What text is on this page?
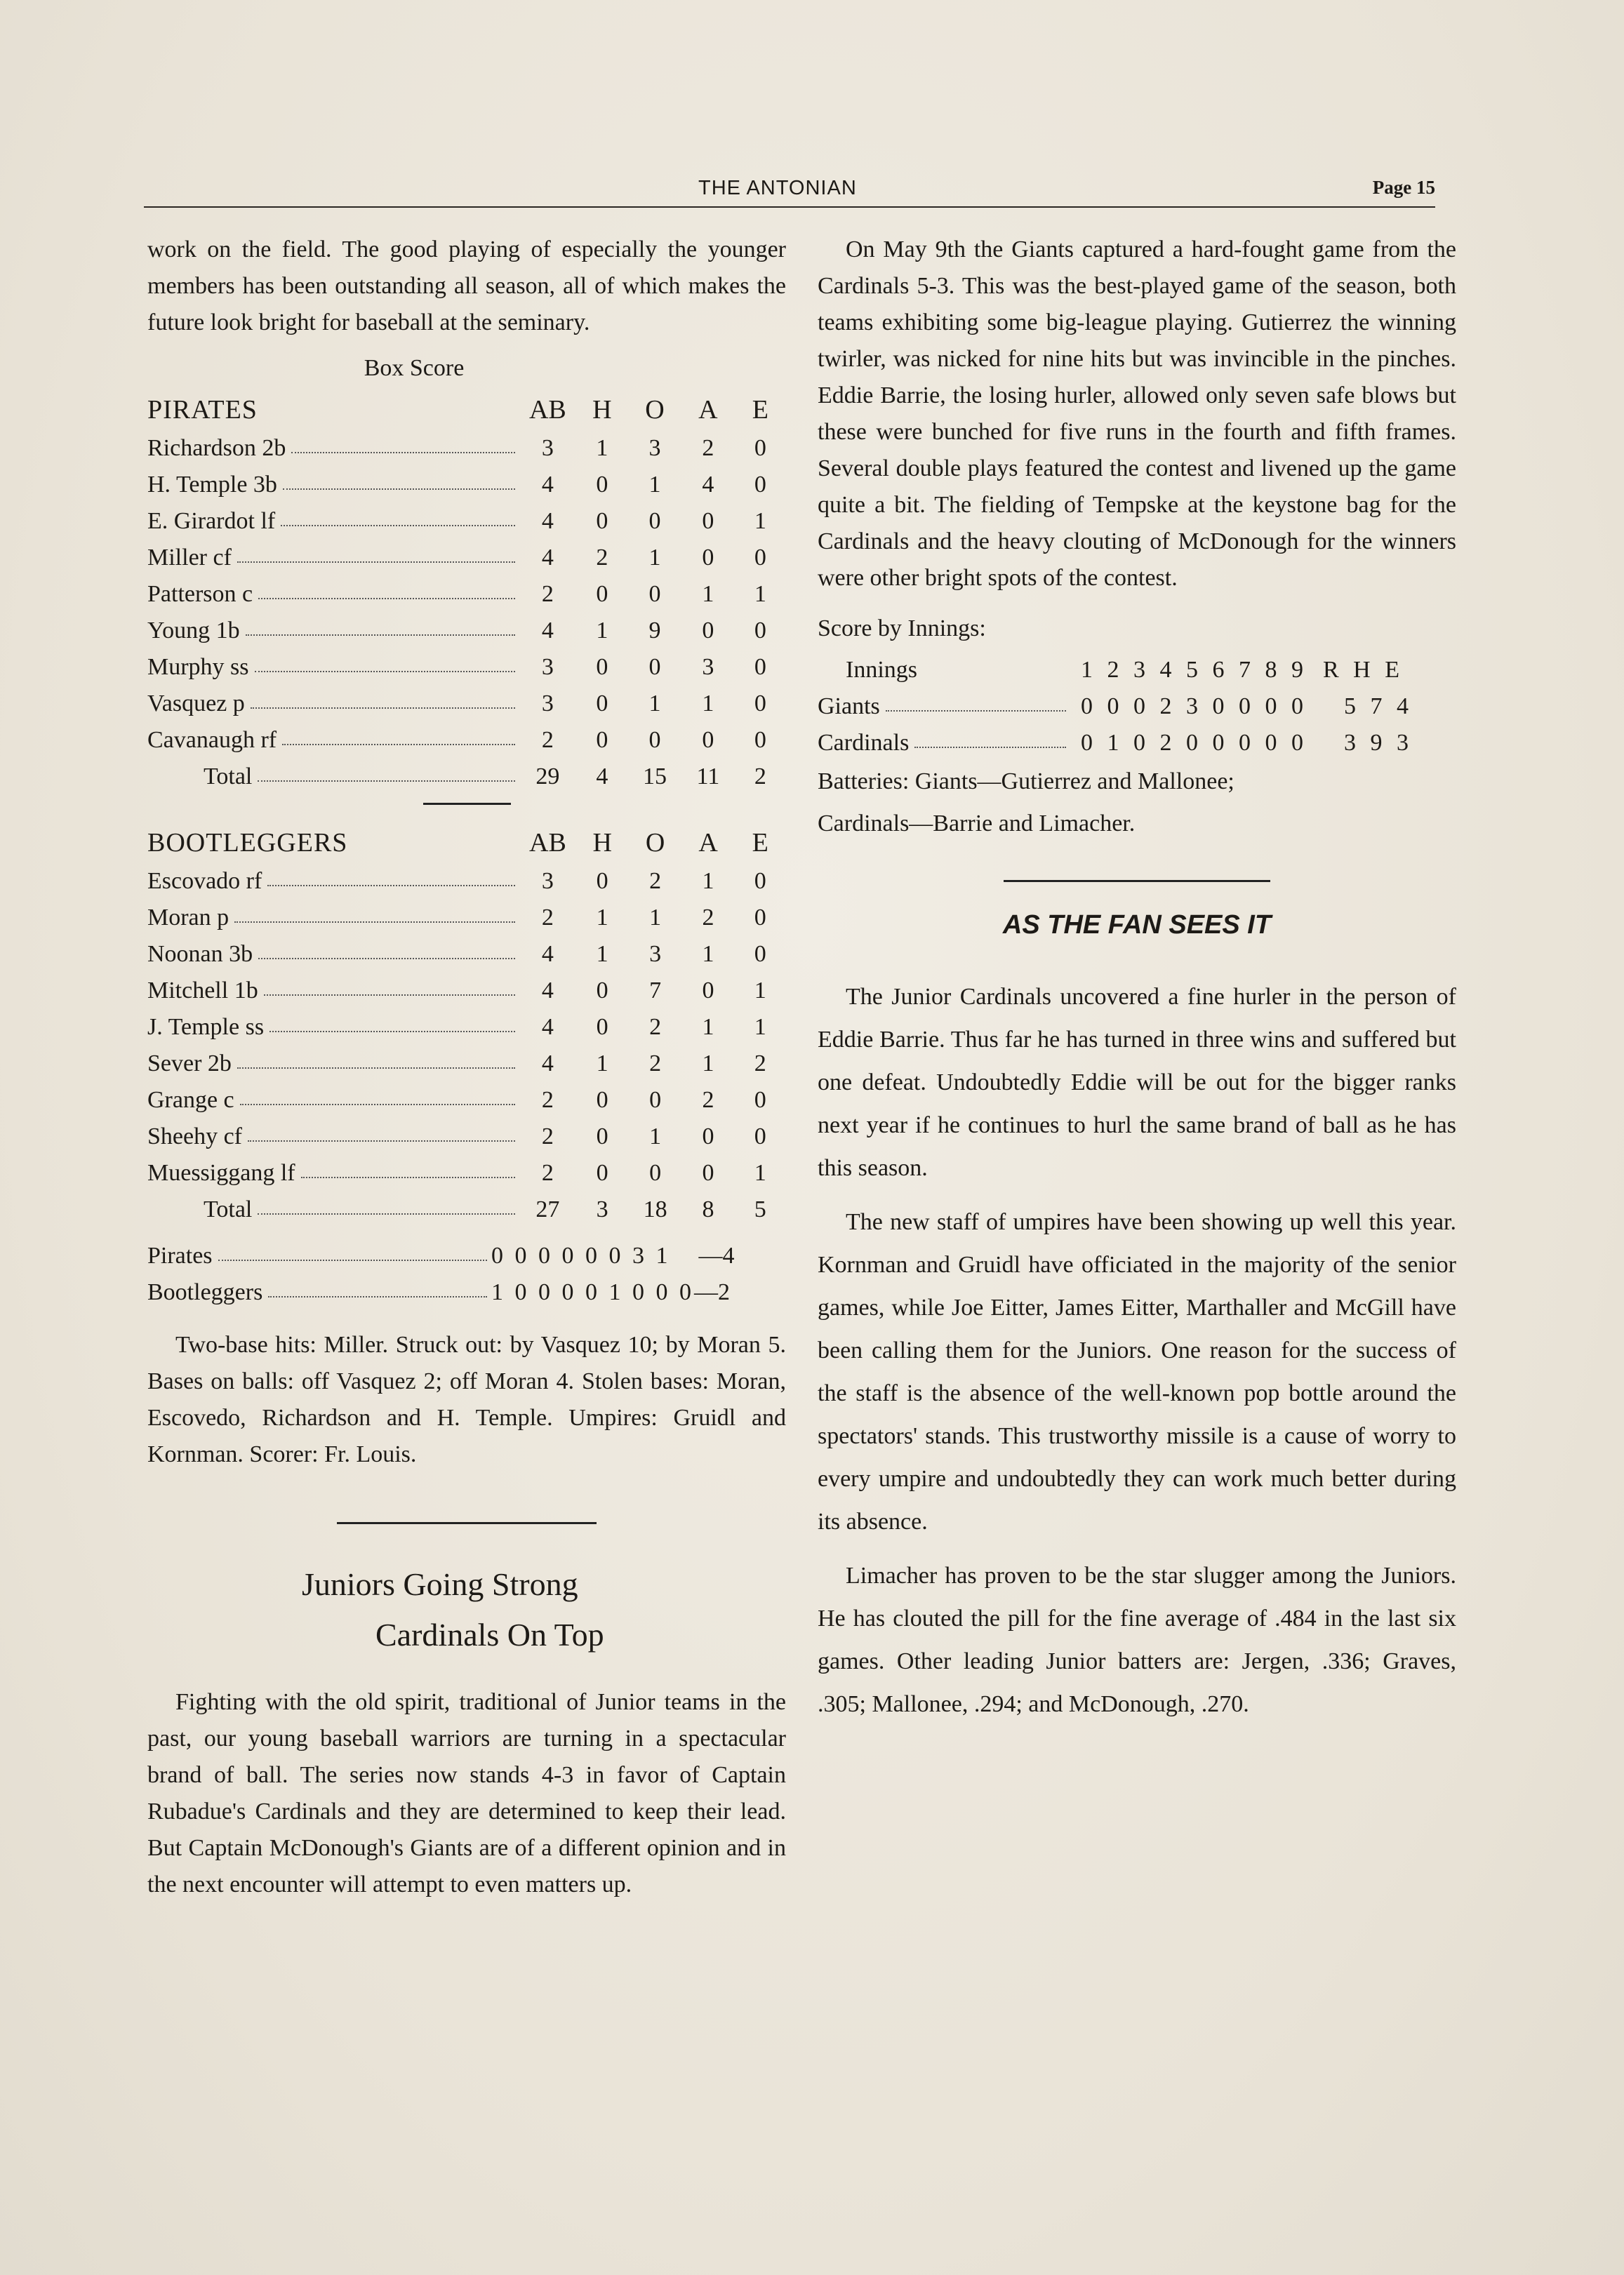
THE ANTONIAN	Page 15

work on the field. The good playing of especially the younger members has been outstanding all season, all of which makes the future look bright for baseball at the seminary.

Box Score
PIRATES	AB	H	O	A	E

Richardson 2b	3	1	3	2	0

H. Temple 3b	4	0	1	4	0

E. Girardot lf	4	0	0	0	1

Miller cf	4	2	1	0	0

Patterson c	2	0	0	1	1

Young 1b	4	1	9	0	0

Murphy ss	3	0	0	3	0

Vasquez p	3	0	1	1	0

Cavanaugh rf	2	0	0	0	0

Total	29	4	15	11	2
BOOTLEGGERS	AB	H	O	A	E

Escovado rf	3	0	2	1	0

Moran p	2	1	1	2	0

Noonan 3b	4	1	3	1	0

Mitchell 1b	4	0	7	0	1

J. Temple ss	4	0	2	1	1

Sever 2b	4	1	2	1	2

Grange c	2	0	0	2	0

Sheehy cf	2	0	1	0	0

Muessiggang lf	2	0	0	0	1

Total	27	3	18	8	5
Pirates	0 0 0 0 0 0 3 1 —4
Bootleggers	1 0 0 0 0 1 0 0 0 —2

Two-base hits: Miller. Struck out: by Vasquez 10; by Moran 5. Bases on balls: off Vasquez 2; off Moran 4. Stolen bases: Moran, Escovedo, Richardson and H. Temple. Umpires: Gruidl and Kornman. Scorer: Fr. Louis.

Juniors Going Strong
Cardinals On Top

Fighting with the old spirit, traditional of Junior teams in the past, our young baseball warriors are turning in a spectacular brand of ball. The series now stands 4-3 in favor of Captain Rubadue's Cardinals and they are determined to keep their lead. But Captain McDonough's Giants are of a different opinion and in the next encounter will attempt to even matters up.

On May 9th the Giants captured a hard-fought game from the Cardinals 5-3. This was the best-played game of the season, both teams exhibiting some big-league playing. Gutierrez the winning twirler, was nicked for nine hits but was invincible in the pinches. Eddie Barrie, the losing hurler, allowed only seven safe blows but these were bunched for five runs in the fourth and fifth frames. Several double plays featured the contest and livened up the game quite a bit. The fielding of Tempske at the keystone bag for the Cardinals and the heavy clouting of McDonough for the winners were other bright spots of the contest.

Score by Innings:
Innings	1 2 3 4 5 6 7 8 9	R H E

Giants	0 0 0 2 3 0 0 0 0	5 7 4

Cardinals	0 1 0 2 0 0 0 0 0	3 9 3
Batteries: Giants—Gutierrez and Mallonee;
Cardinals—Barrie and Limacher.
AS THE FAN SEES IT

The Junior Cardinals uncovered a fine hurler in the person of Eddie Barrie. Thus far he has turned in three wins and suffered but one defeat. Undoubtedly Eddie will be out for the bigger ranks next year if he continues to hurl the same brand of ball as he has this season.

The new staff of umpires have been showing up well this year. Kornman and Gruidl have officiated in the majority of the senior games, while Joe Eitter, James Eitter, Marthaller and McGill have been calling them for the Juniors. One reason for the success of the staff is the absence of the well-known pop bottle around the spectators' stands. This trustworthy missile is a cause of worry to every umpire and undoubtedly they can work much better during its absence.

Limacher has proven to be the star slugger among the Juniors. He has clouted the pill for the fine average of .484 in the last six games. Other leading Junior batters are: Jergen, .336; Graves, .305; Mallonee, .294; and McDonough, .270.
